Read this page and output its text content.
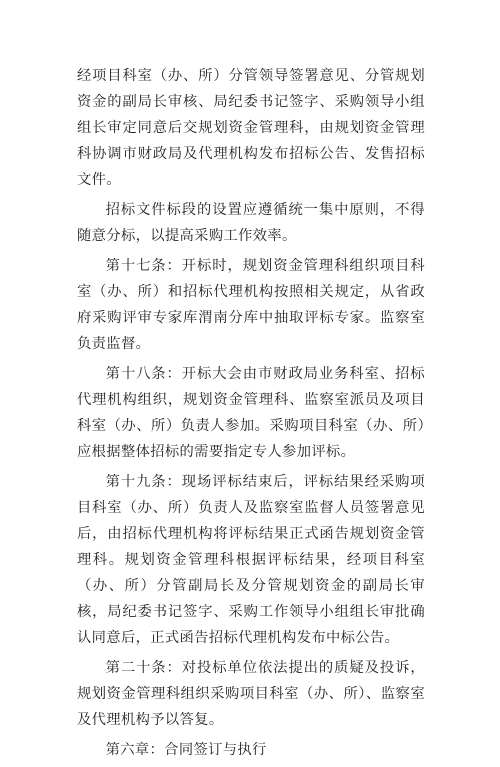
经项目科室（办、所）分管领导签署意见、分管规划资金的副局长审核、局纪委书记签字、采购领导小组组长审定同意后交规划资金管理科，由规划资金管理科协调市财政局及代理机构发布招标公告、发售招标文件。

招标文件标段的设置应遵循统一集中原则，不得随意分标，以提高采购工作效率。

第十七条：开标时，规划资金管理科组织项目科室（办、所）和招标代理机构按照相关规定，从省政府采购评审专家库渭南分库中抽取评标专家。监察室负责监督。

第十八条：开标大会由市财政局业务科室、招标代理机构组织，规划资金管理科、监察室派员及项目科室（办、所）负责人参加。采购项目科室（办、所）应根据整体招标的需要指定专人参加评标。

第十九条：现场评标结束后，评标结果经采购项目科室（办、所）负责人及监察室监督人员签署意见后，由招标代理机构将评标结果正式函告规划资金管理科。规划资金管理科根据评标结果，经项目科室（办、所）分管副局长及分管规划资金的副局长审核，局纪委书记签字、采购工作领导小组组长审批确认同意后，正式函告招标代理机构发布中标公告。

第二十条：对投标单位依法提出的质疑及投诉，规划资金管理科组织采购项目科室（办、所）、监察室及代理机构予以答复。

第六章：合同签订与执行
